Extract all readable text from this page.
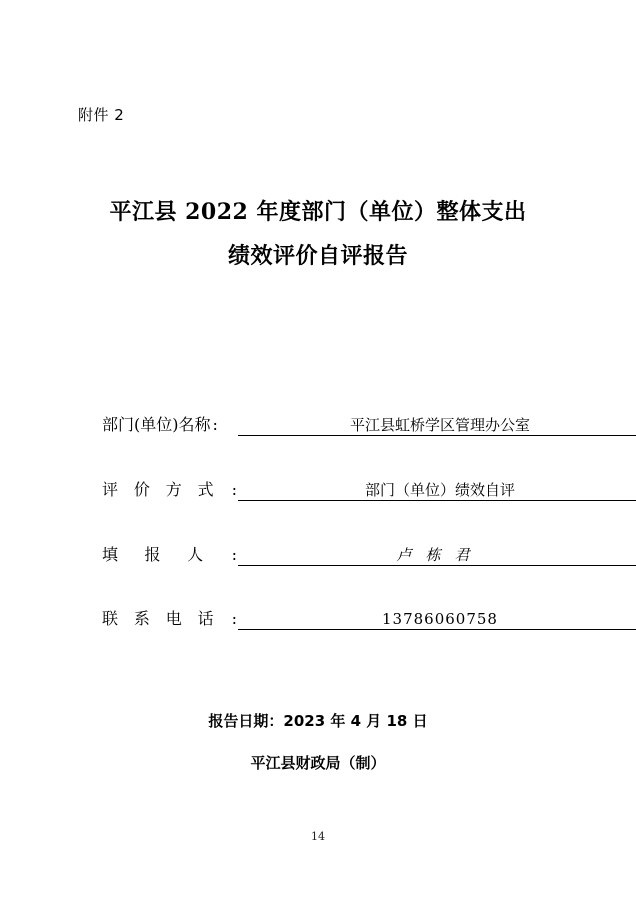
附件 2
平江县 2022 年度部门（单位）整体支出
绩效评价自评报告
部门(单位)名称 :	平江县虹桥学区管理办公室
评 价 方 式 :	部门（单位）绩效自评
填 报 人 :	卢栋君
联 系 电 话 :	13786060758
报告日期：2023 年 4 月 18 日
平江县财政局（制）
14
